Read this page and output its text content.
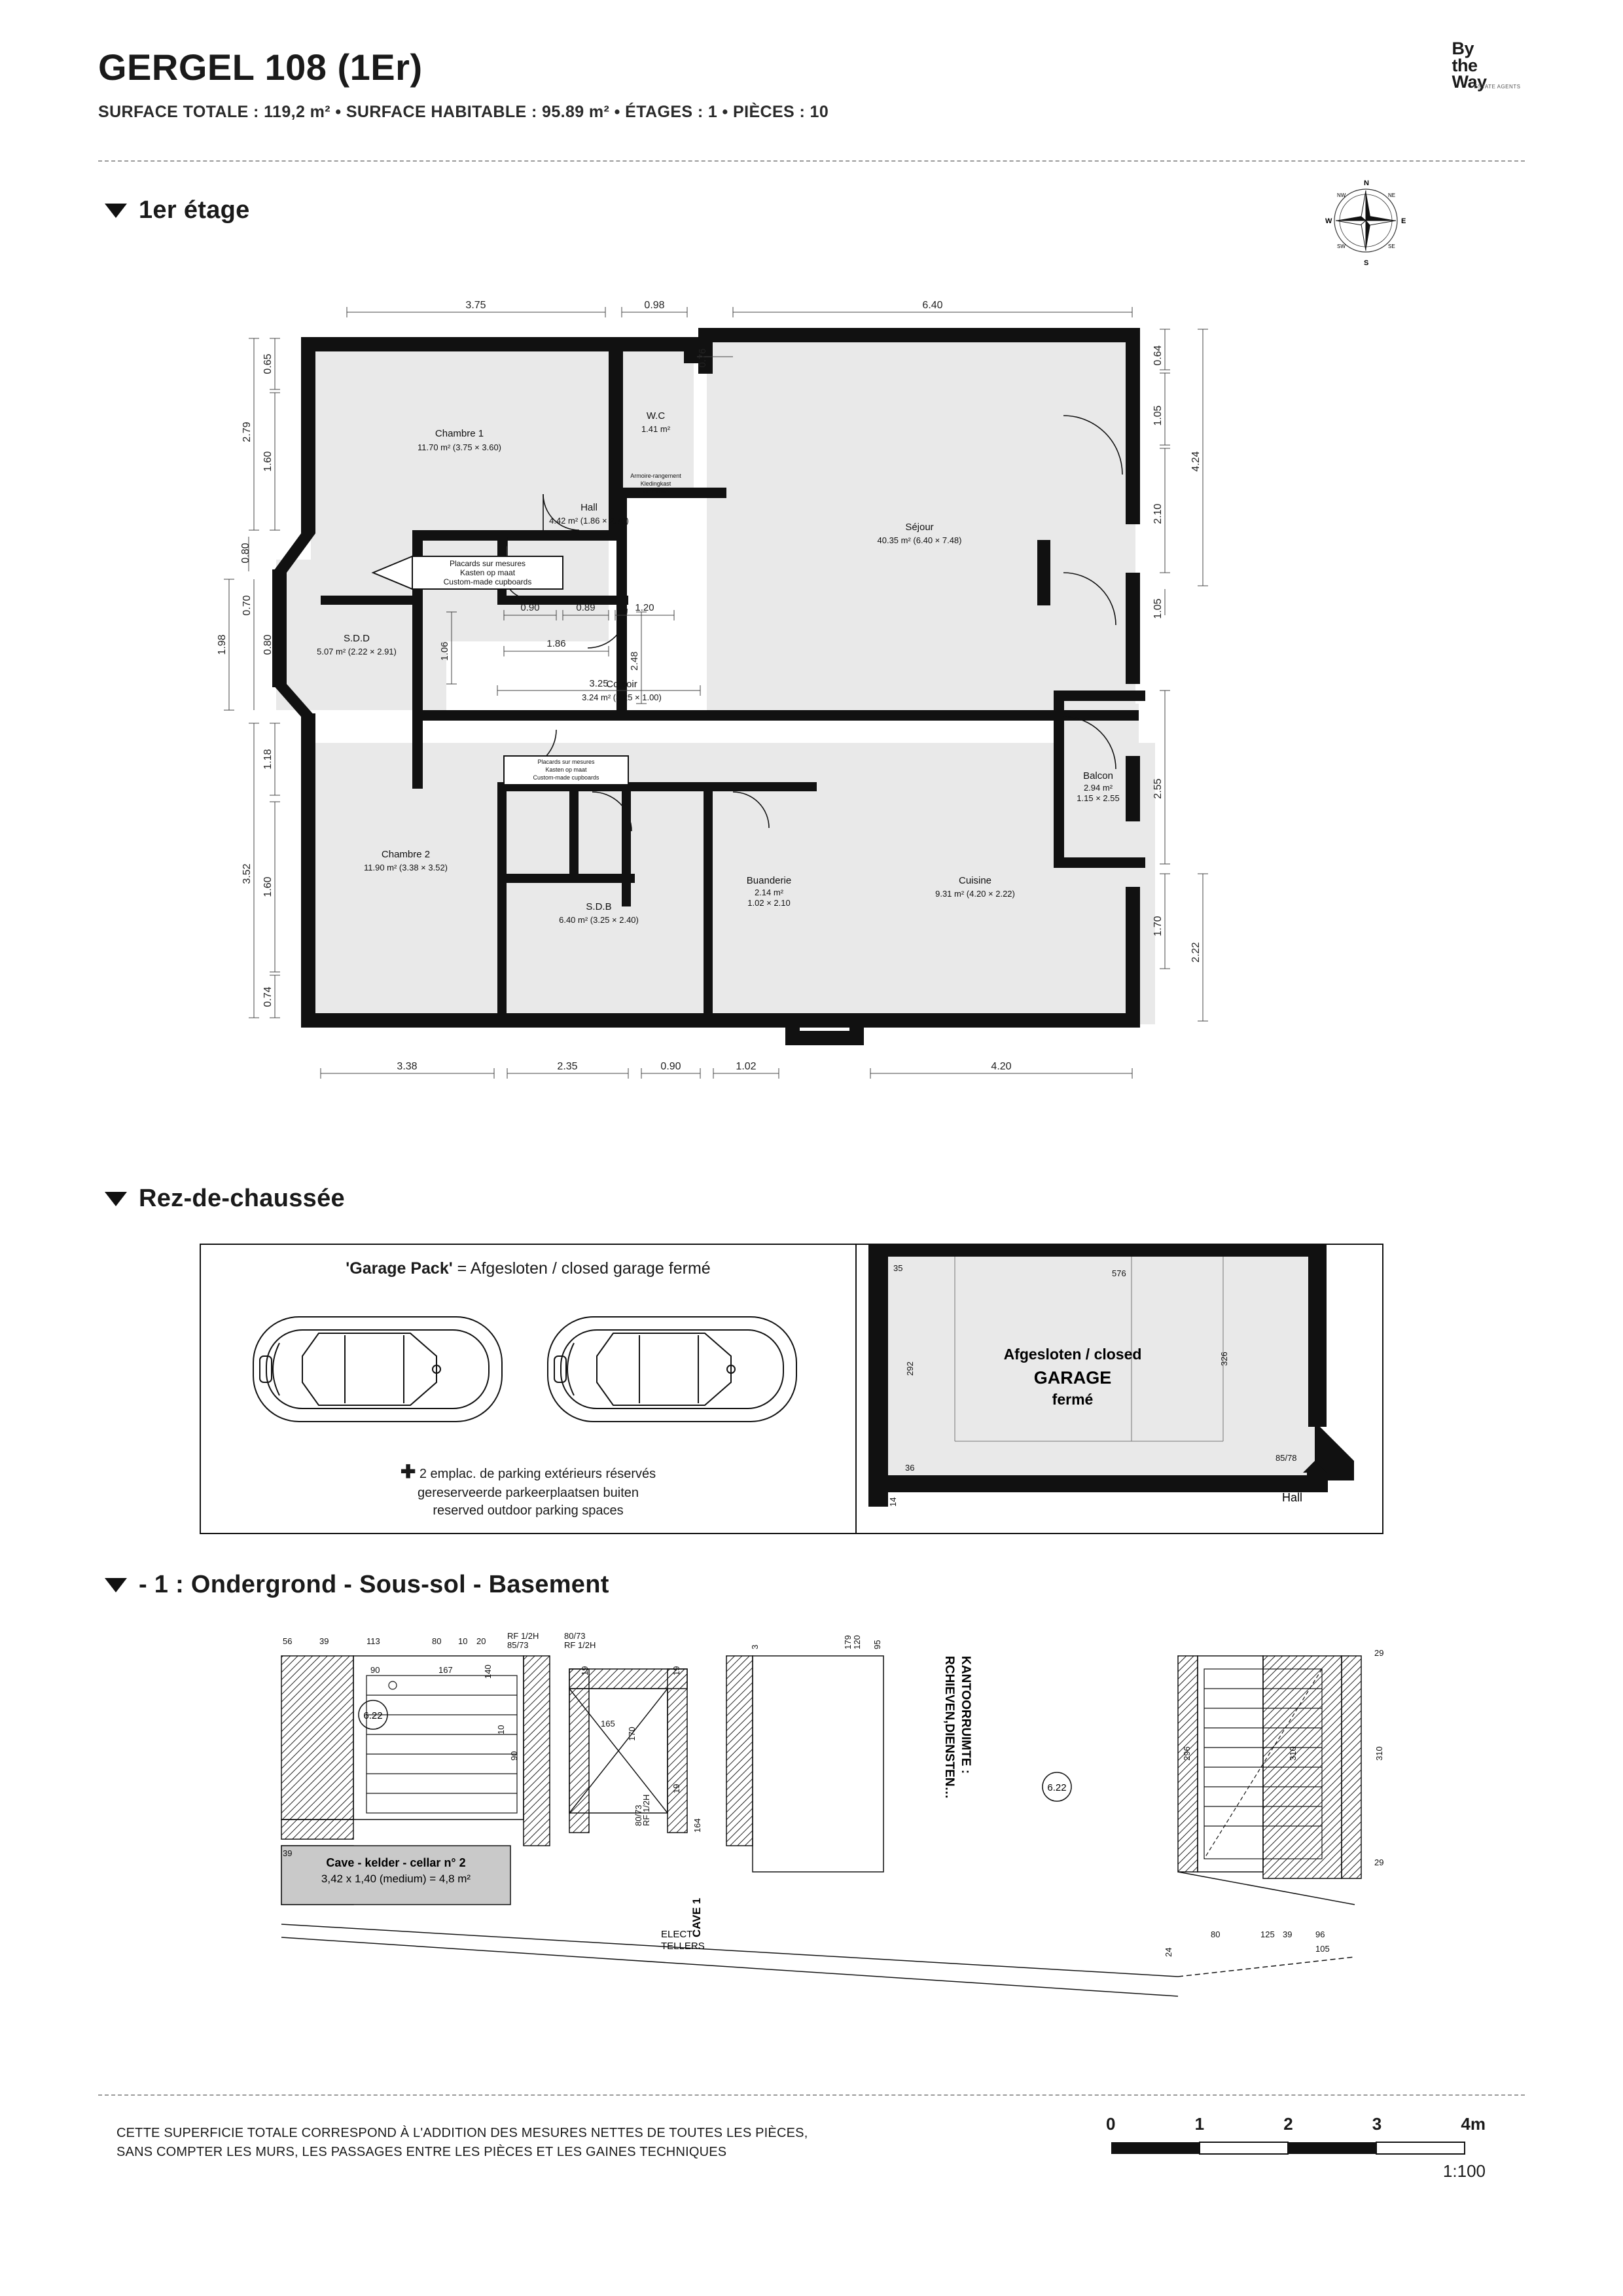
GERGEL 108 (1Er)
SURFACE TOTALE : 119,2 m² • SURFACE HABITABLE : 95.89 m² • ÉTAGES : 1 • PIÈCES : 10
By
the
Way
ESTATE AGENTS
1er étage
N
S
E
W
NE
NW
SE
SW
Chambre 1
11.70 m² (3.75 × 3.60)
W.C
1.41 m²
Armoire-rangement
Kledingkast
Wardrobe
Hall
4.42 m² (1.86 × 2.70)
Séjour
40.35 m² (6.40 × 7.48)
S.D.D
5.07 m² (2.22 × 2.91)
Couloir
3.24 m² (3.25 × 1.00)
Chambre 2
11.90 m² (3.38 × 3.52)
S.D.B
6.40 m² (3.25 × 2.40)
Buanderie
2.14 m²
1.02 × 2.10
Cuisine
9.31 m² (4.20 × 2.22)
Balcon
2.94 m²
1.15 × 2.55
Placards sur mesures
Kasten op maat
Custom-made cupboards
Placards sur mesures
Kasten op maat
Custom-made cupboards
3.75	0.98	6.40
3.38	2.35	0.90	1.02	4.20
0.65
2.79
1.60
0.80
1.98
0.70
0.80
1.18
3.52
1.60
0.74
0.64
1.05
4.24
2.10
1.05
2.55
1.70
2.22
0.76
0.90	0.89	1.20
1.86
2.48
1.06
3.25
Rez-de-chaussée
'Garage Pack' = Afgesloten / closed garage fermé
✚ 2 emplac. de parking extérieurs réservés
gereserveerde parkeerplaatsen buiten
reserved outdoor parking spaces
35
576
292
326
36
14
85/78
Afgesloten / closed
GARAGE
fermé
Hall
- 1 : Ondergrond - Sous-sol - Basement
Cave - kelder - cellar n° 2
3,42 x 1,40 (medium) = 4,8 m²
CAVE 1
ELECT
TELLERS
KANTOORRUIMTE :
RCHIEVEN,DIENSTEN…
6.22
6.22
56	39	113	80 10 20
RF 1/2H
85/73
90	167	140
10
90
80/73
RF 1/2H
19
165
170
19
19
164
80/73
RF 1/2H
3	179 120 95
39
29
296	310	310
29
80	125 39	96
105
24
CETTE SUPERFICIE TOTALE CORRESPOND À L'ADDITION DES MESURES NETTES DE TOUTES LES PIÈCES,
SANS COMPTER LES MURS, LES PASSAGES ENTRE LES PIÈCES ET LES GAINES TECHNIQUES
0	1	2	3	4m
1:100
